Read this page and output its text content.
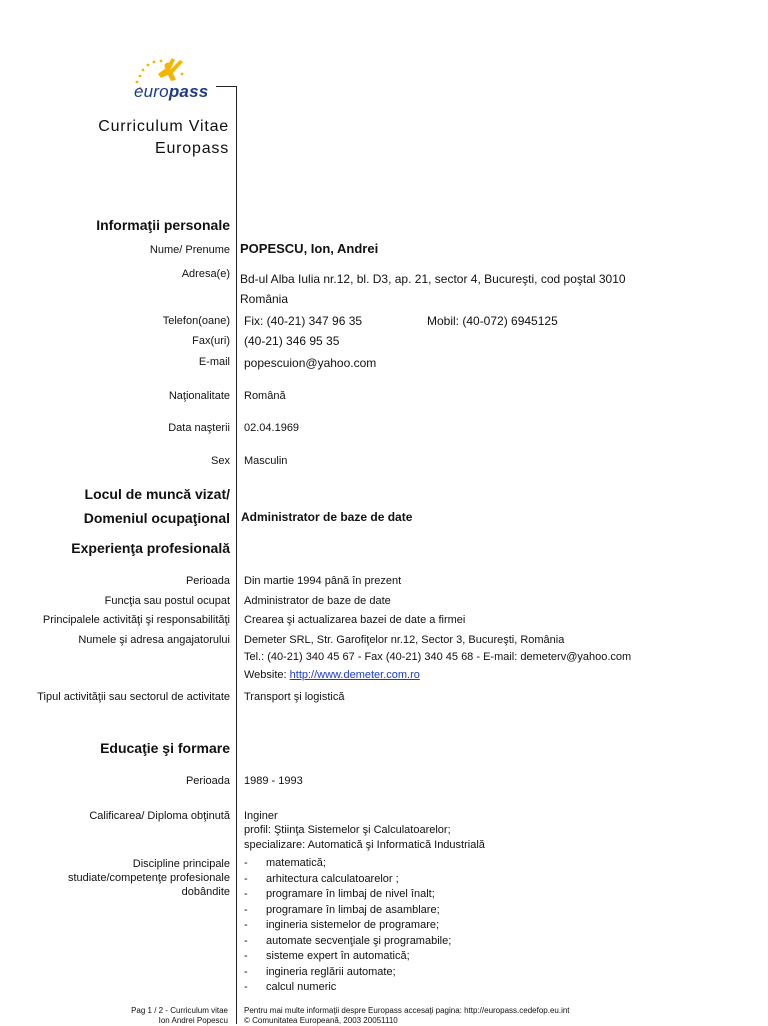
europass
Curriculum Vitae
Europass
Informaţii personale
Nume/ Prenume POPESCU, Ion, Andrei
Adresa(e) Bd-ul Alba Iulia nr.12, bl. D3, ap. 21, sector 4, Bucureşti, cod poştal 3010
România
Telefon(oane) Fix: (40-21) 347 96 35	Mobil: (40-072) 6945125
Fax(uri) (40-21) 346 95 35
E-mail popescuion@yahoo.com
Naţionalitate Română
Data naşterii 02.04.1969
Sex Masculin
Locul de muncă vizat/
Domeniul ocupaţional Administrator de baze de date
Experienţa profesională
Perioada Din martie 1994 până în prezent
Funcţia sau postul ocupat Administrator de baze de date
Principalele activităţi şi responsabilităţi Crearea şi actualizarea bazei de date a firmei
Numele şi adresa angajatorului Demeter SRL, Str. Garofiţelor nr.12, Sector 3, Bucureşti, România
Tel.: (40-21) 340 45 67 - Fax (40-21) 340 45 68 - E-mail: demeterv@yahoo.com
Website: http://www.demeter.com.ro
Tipul activităţii sau sectorul de activitate Transport şi logistică
Educaţie şi formare
Perioada 1989 - 1993
Calificarea/ Diploma obţinută Inginer
profil: Ştiinţa Sistemelor şi Calculatoarelor;
specializare: Automatică şi Informatică Industrială
Discipline principale
studiate/competenţe profesionale
dobândite
- matematică;
- arhitectura calculatoarelor ;
- programare în limbaj de nivel înalt;
- programare în limbaj de asamblare;
- ingineria sistemelor de programare;
- automate secvenţiale şi programabile;
- sisteme expert în automatică;
- ingineria reglării automate;
- calcul numeric
Pag 1 / 2 - Curriculum vitae
Ion Andrei Popescu
Pentru mai multe informaţii despre Europass accesaţi pagina: http://europass.cedefop.eu.int
© Comunitatea Europeană, 2003 20051110
